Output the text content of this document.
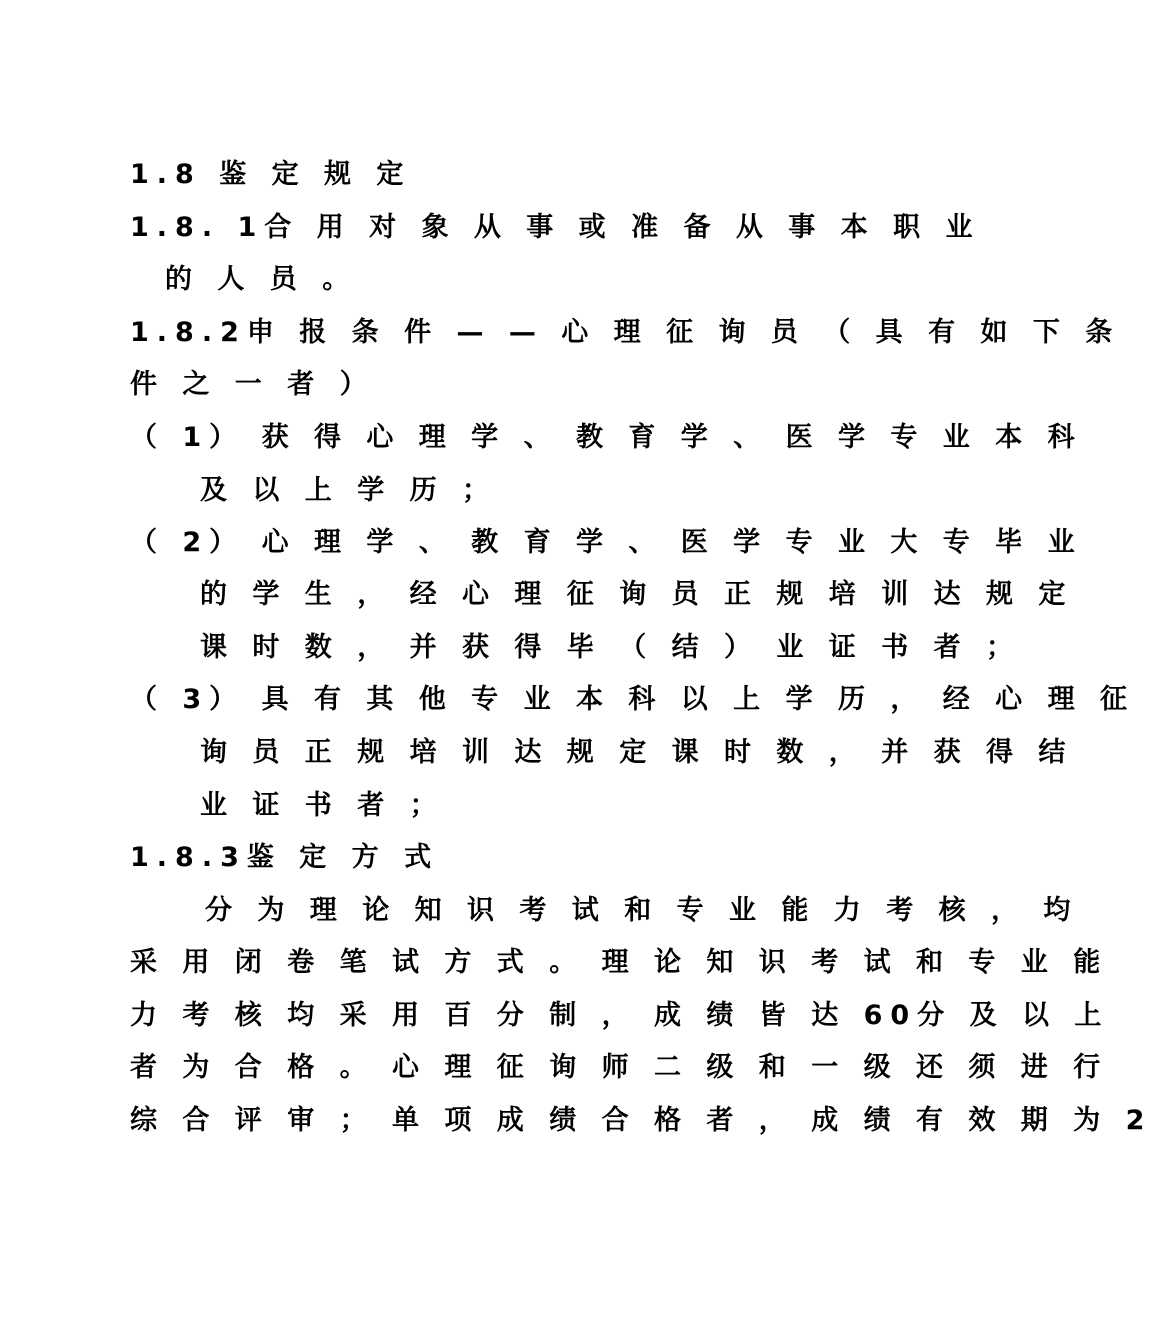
1.8 鉴 定 规 定
1.8. 1合 用 对 象 从 事 或 准 备 从 事 本 职 业
的 人 员 。
1.8.2申 报 条 件 — — 心 理 征 询 员 （ 具 有 如 下 条
件 之 一 者 ）
（ 1） 获 得 心 理 学 、 教 育 学 、 医 学 专 业 本 科
及 以 上 学 历 ；
（ 2） 心 理 学 、 教 育 学 、 医 学 专 业 大 专 毕 业
的 学 生 ， 经 心 理 征 询 员 正 规 培 训 达 规 定
课 时 数 ， 并 获 得 毕 （ 结 ） 业 证 书 者 ；
（ 3） 具 有 其 他 专 业 本 科 以 上 学 历 ， 经 心 理 征
询 员 正 规 培 训 达 规 定 课 时 数 ， 并 获 得 结
业 证 书 者 ；
1.8.3鉴 定 方 式
分 为 理 论 知 识 考 试 和 专 业 能 力 考 核 ， 均
采 用 闭 卷 笔 试 方 式 。 理 论 知 识 考 试 和 专 业 能
力 考 核 均 采 用 百 分 制 ， 成 绩 皆 达 60分 及 以 上
者 为 合 格 。 心 理 征 询 师 二 级 和 一 级 还 须 进 行
综 合 评 审 ； 单 项 成 绩 合 格 者 ， 成 绩 有 效 期 为 2
